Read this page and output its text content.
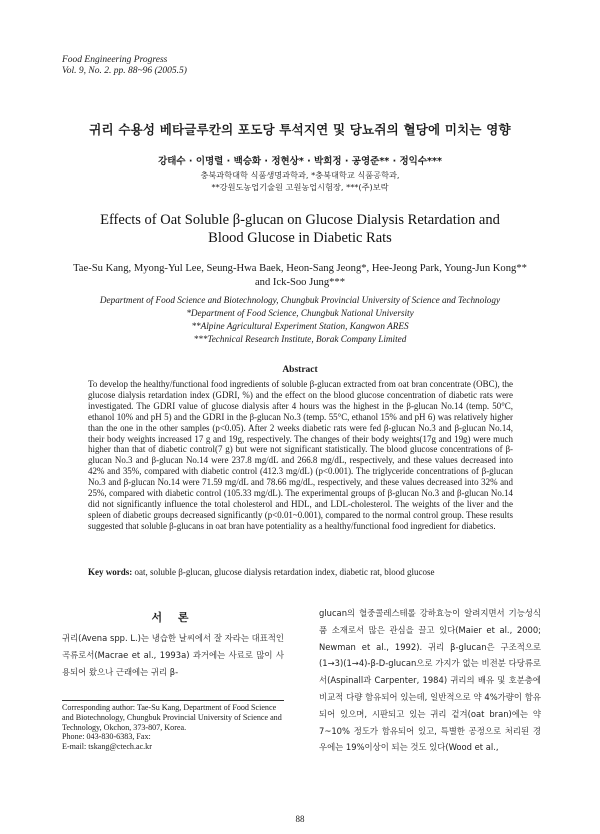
Food Engineering Progress
Vol. 9, No. 2. pp. 88~96 (2005.5)
귀리 수용성 베타글루칸의 포도당 투석지연 및 당뇨쥐의 혈당에 미치는 영향
강태수 · 이명렬 · 백승화 · 정현상* · 박희정 · 공영준** · 정익수***
충북과학대학 식품생명과학과, *충북대학교 식품공학과,
**강원도농업기술원 고원농업시험장, ***(주)보락
Effects of Oat Soluble β-glucan on Glucose Dialysis Retardation and
Blood Glucose in Diabetic Rats
Tae-Su Kang, Myong-Yul Lee, Seung-Hwa Baek, Heon-Sang Jeong*, Hee-Jeong Park, Young-Jun Kong** and Ick-Soo Jung***
Department of Food Science and Biotechnology, Chungbuk Provincial University of Science and Technology
*Department of Food Science, Chungbuk National University
**Alpine Agricultural Experiment Station, Kangwon ARES
***Technical Research Institute, Borak Company Limited
Abstract
To develop the healthy/functional food ingredients of soluble β-glucan extracted from oat bran concentrate (OBC), the glucose dialysis retardation index (GDRI, %) and the effect on the blood glucose concentration of diabetic rats were investigated. The GDRI value of glucose dialysis after 4 hours was the highest in the β-glucan No.14 (temp. 50°C, ethanol 10% and pH 5) and the GDRI in the β-glucan No.3 (temp. 55°C, ethanol 15% and pH 6) was relatively higher than the one in the other samples (p<0.05). After 2 weeks diabetic rats were fed β-glucan No.3 and β-glucan No.14, their body weights increased 17 g and 19g, respectively. The changes of their body weights(17g and 19g) were much higher than that of diabetic control(7 g) but were not significant statistically. The blood glucose concentrations of β-glucan No.3 and β-glucan No.14 were 237.8 mg/dL and 266.8 mg/dL, respectively, and these values decreased into 42% and 35%, compared with diabetic control (412.3 mg/dL) (p<0.001). The triglyceride concentrations of β-glucan No.3 and β-glucan No.14 were 71.59 mg/dL and 78.66 mg/dL, respectively, and these values decreased into 32% and 25%, compared with diabetic control (105.33 mg/dL). The experimental groups of β-glucan No.3 and β-glucan No.14 did not significantly influence the total cholesterol and HDL, and LDL-cholesterol. The weights of the liver and the spleen of diabetic groups decreased significantly (p<0.01~0.001), compared to the normal control group. These results suggested that soluble β-glucans in oat bran have potentiality as a healthy/functional food ingredient for diabetics.
Key words: oat, soluble β-glucan, glucose dialysis retardation index, diabetic rat, blood glucose
서 론
귀리(Avena spp. L.)는 냉습한 날씨에서 잘 자라는 대표적인 곡류로서(Macrae et al., 1993a) 과거에는 사료로 많이 사용되어 왔으나 근래에는 귀리 β-
Corresponding author: Tae-Su Kang, Department of Food Science and Biotechnology, Chungbuk Provincial University of Science and Technology, Okchon, 373-807, Korea.
Phone: 043-830-6383, Fax:
E-mail: tskang@ctech.ac.kr
glucan의 혈중콜레스테롤 강하효능이 알려지면서 기능성식품 소재로서 많은 관심을 끌고 있다(Maier et al., 2000; Newman et al., 1992). 귀리 β-glucan은 구조적으로 (1→3)(1→4)-β-D-glucan으로 가지가 없는 비전분 다당류로서(Aspinall과 Carpenter, 1984) 귀리의 배유 및 호분층에 비교적 다량 함유되어 있는데, 일반적으로 약 4%가량이 함유되어 있으며, 시판되고 있는 귀리 겉겨(oat bran)에는 약 7~10% 정도가 함유되어 있고, 특별한 공정으로 처리된 경우에는 19%이상이 되는 것도 있다(Wood et al.,
88
